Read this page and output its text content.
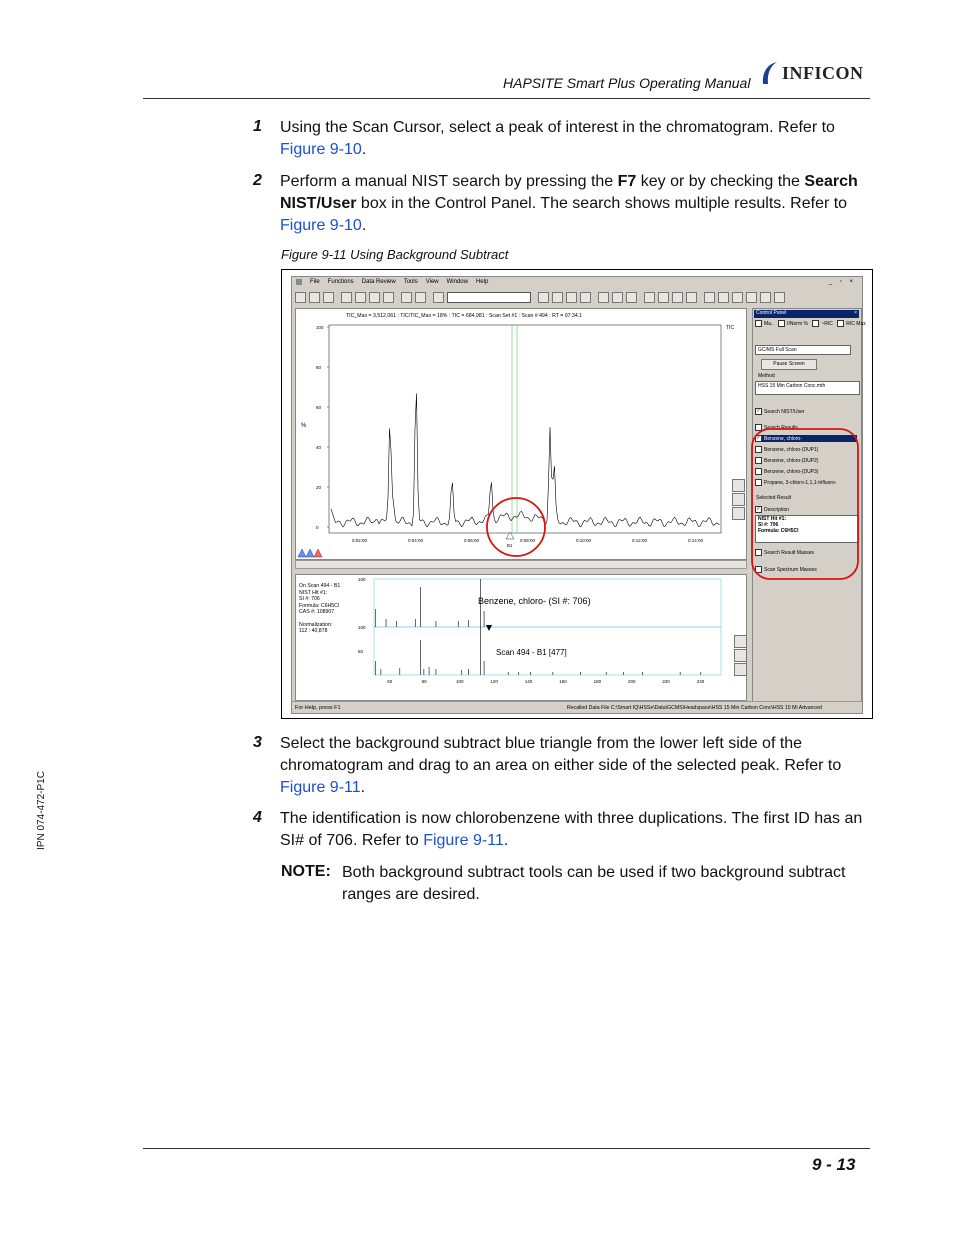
HAPSITE Smart Plus Operating Manual
INFICON
1 Using the Scan Cursor, select a peak of interest in the chromatogram. Refer to Figure 9-10.
2 Perform a manual NIST search by pressing the F7 key or by checking the Search NIST/User box in the Control Panel. The search shows multiple results. Refer to Figure 9-10.
Figure 9-11 Using Background Subtract
File Functions Data Review Tools View Window Help	_ ▫ ×
TIC_Max = 3,512,061 : TIC/TIC_Max = 18% : TIC = 684,981 : Scan Set #1 : Scan # 494 : RT = 07:34.1
TIC
%
100
80
60
40
20
0
0:02:00	0:04:00	0:06:00	0:08:00	0:10:00	0:12:00	0:14:00
B1
On Scan 494 - B1
NIST Hit #1:
SI #: 706
Formula: C6H5Cl
CAS #: 108907
Normalization:
112 : 40,878
Benzene, chloro- (SI #: 706)
Scan 494 - B1 [477]
100
100
50
60	80	100	120	140	160	180	200	220	240
Control Panel	×
Ma..	I/Norm %	~RIC	RIC Max
GC/MS Full Scan
Pause Screen
Method
HSS 15 Min Carbon Conc.mth
✓ Search NIST/User
Search Results
✓ Benzene, chloro-
Benzene, chloro-(DUP1)
Benzene, chloro-(DUP2)
Benzene, chloro-(DUP3)
Propane, 3-chloro-1,1,1-trifluoro-
Selected Result
✓ Description
NIST Hit #1:
SI #: 706
Formula: C6H5Cl
Search Result Masses
Scan Spectrum Masses
For Help, press F1	Recalled Data File C:\Smart IQ\HSSe\Data\GCMS\Headspace\HSS 15 Min Carbon Conc\HSS 15 Mi Advanced
3 Select the background subtract blue triangle from the lower left side of the chromatogram and drag to an area on either side of the selected peak. Refer to Figure 9-11.
4 The identification is now chlorobenzene with three duplications. The first ID has an SI# of 706. Refer to Figure 9-11.
NOTE: Both background subtract tools can be used if two background subtract ranges are desired.
IPN 074-472-P1C
9 - 13
